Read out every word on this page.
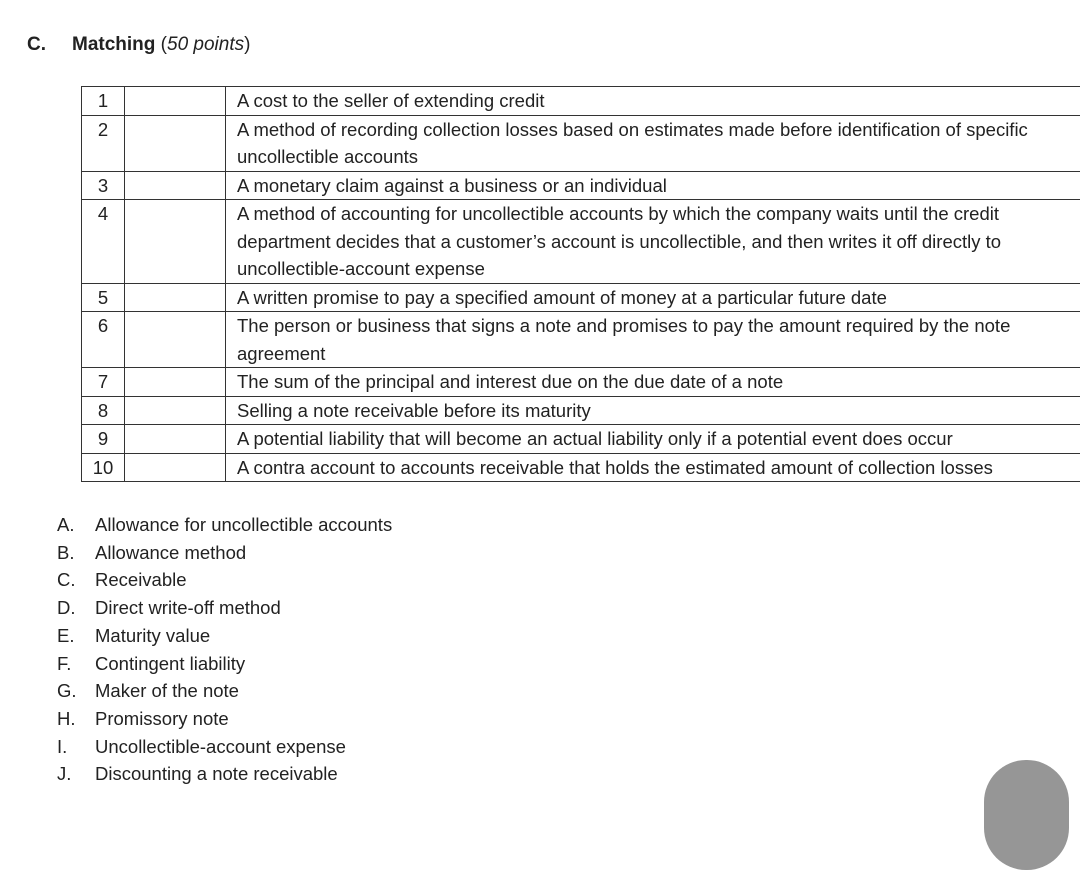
C. Matching (50 points)
1		A cost to the seller of extending credit
2		A method of recording collection losses based on estimates made before identification of specific uncollectible accounts
3		A monetary claim against a business or an individual
4		A method of accounting for uncollectible accounts by which the company waits until the credit department decides that a customer’s account is uncollectible, and then writes it off directly to uncollectible-account expense
5		A written promise to pay a specified amount of money at a particular future date
6		The person or business that signs a note and promises to pay the amount required by the note agreement
7		The sum of the principal and interest due on the due date of a note
8		Selling a note receivable before its maturity
9		A potential liability that will become an actual liability only if a potential event does occur
10		A contra account to accounts receivable that holds the estimated amount of collection losses
A. Allowance for uncollectible accounts
B. Allowance method
C. Receivable
D. Direct write-off method
E. Maturity value
F. Contingent liability
G. Maker of the note
H. Promissory note
I. Uncollectible-account expense
J. Discounting a note receivable
